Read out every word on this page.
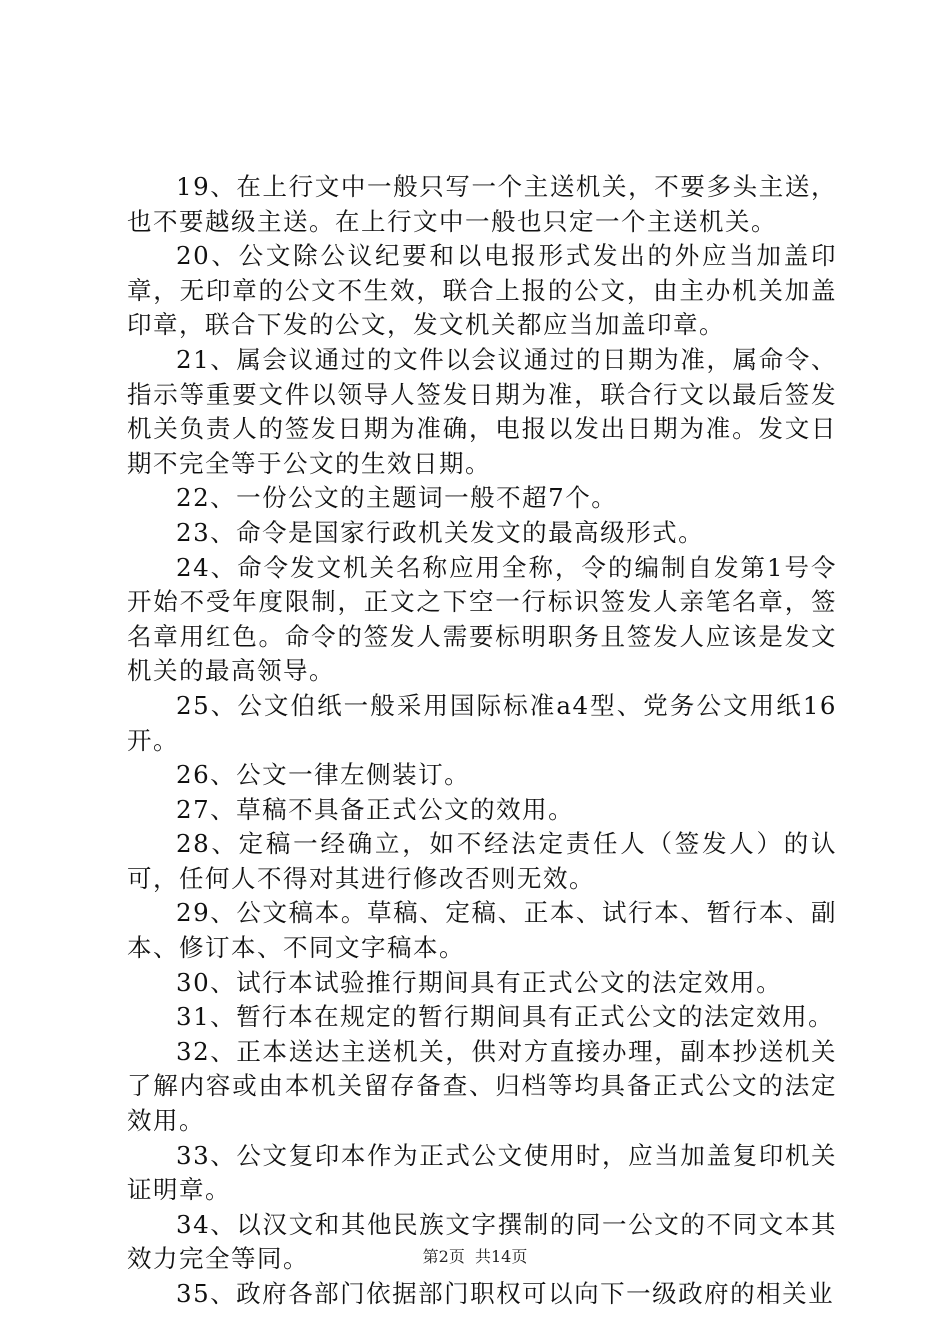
19、在上行文中一般只写一个主送机关，不要多头主送，也不要越级主送。在上行文中一般也只定一个主送机关。

20、公文除公议纪要和以电报形式发出的外应当加盖印章，无印章的公文不生效，联合上报的公文，由主办机关加盖印章，联合下发的公文，发文机关都应当加盖印章。

21、属会议通过的文件以会议通过的日期为准，属命令、指示等重要文件以领导人签发日期为准，联合行文以最后签发机关负责人的签发日期为准确，电报以发出日期为准。发文日期不完全等于公文的生效日期。

22、一份公文的主题词一般不超7个。

23、命令是国家行政机关发文的最高级形式。

24、命令发文机关名称应用全称，令的编制自发第1号令开始不受年度限制，正文之下空一行标识签发人亲笔名章，签名章用红色。命令的签发人需要标明职务且签发人应该是发文机关的最高领导。

25、公文伯纸一般采用国际标准a4型、党务公文用纸16开。

26、公文一律左侧装订。

27、草稿不具备正式公文的效用。

28、定稿一经确立，如不经法定责任人（签发人）的认可，任何人不得对其进行修改否则无效。

29、公文稿本。草稿、定稿、正本、试行本、暂行本、副本、修订本、不同文字稿本。

30、试行本试验推行期间具有正式公文的法定效用。

31、暂行本在规定的暂行期间具有正式公文的法定效用。

32、正本送达主送机关，供对方直接办理，副本抄送机关了解内容或由本机关留存备查、归档等均具备正式公文的法定效用。

33、公文复印本作为正式公文使用时，应当加盖复印机关证明章。

34、以汉文和其他民族文字撰制的同一公文的不同文本其效力完全等同。

35、政府各部门依据部门职权可以向下一级政府的相关业

第2页  共14页
